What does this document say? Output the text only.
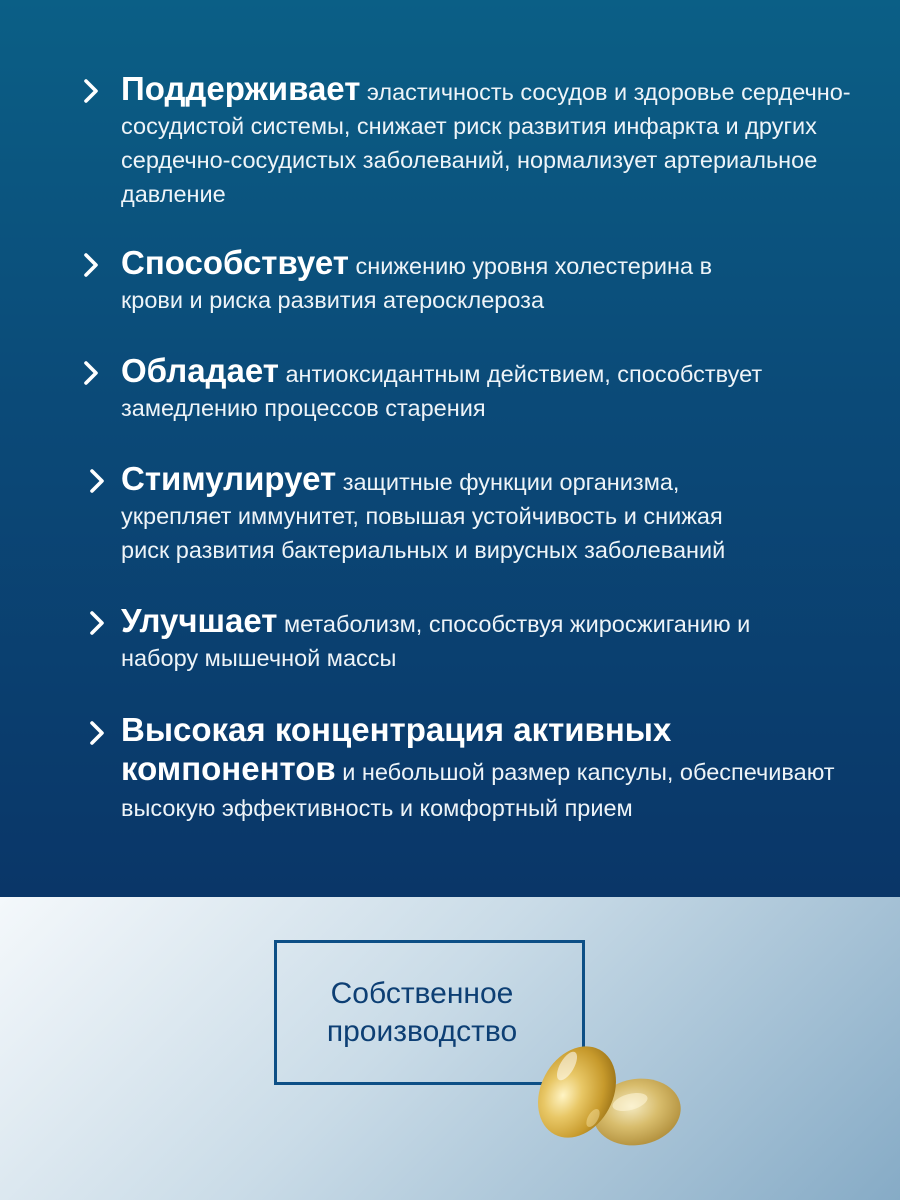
Поддерживает эластичность сосудов и здоровье сердечно-сосудистой системы, снижает риск развития инфаркта и других сердечно-сосудистых заболеваний, нормализует артериальное давление

Способствует снижению уровня холестерина в крови и риска развития атеросклероза

Обладает антиоксидантным действием, способствует замедлению процессов старения

Стимулирует защитные функции организма, укрепляет иммунитет, повышая устойчивость и снижая риск развития бактериальных и вирусных заболеваний

Улучшает метаболизм, способствуя жиросжиганию и набору мышечной массы

Высокая концентрация активных компонентов и небольшой размер капсулы, обеспечивают высокую эффективность и комфортный прием

Собственное
производство
